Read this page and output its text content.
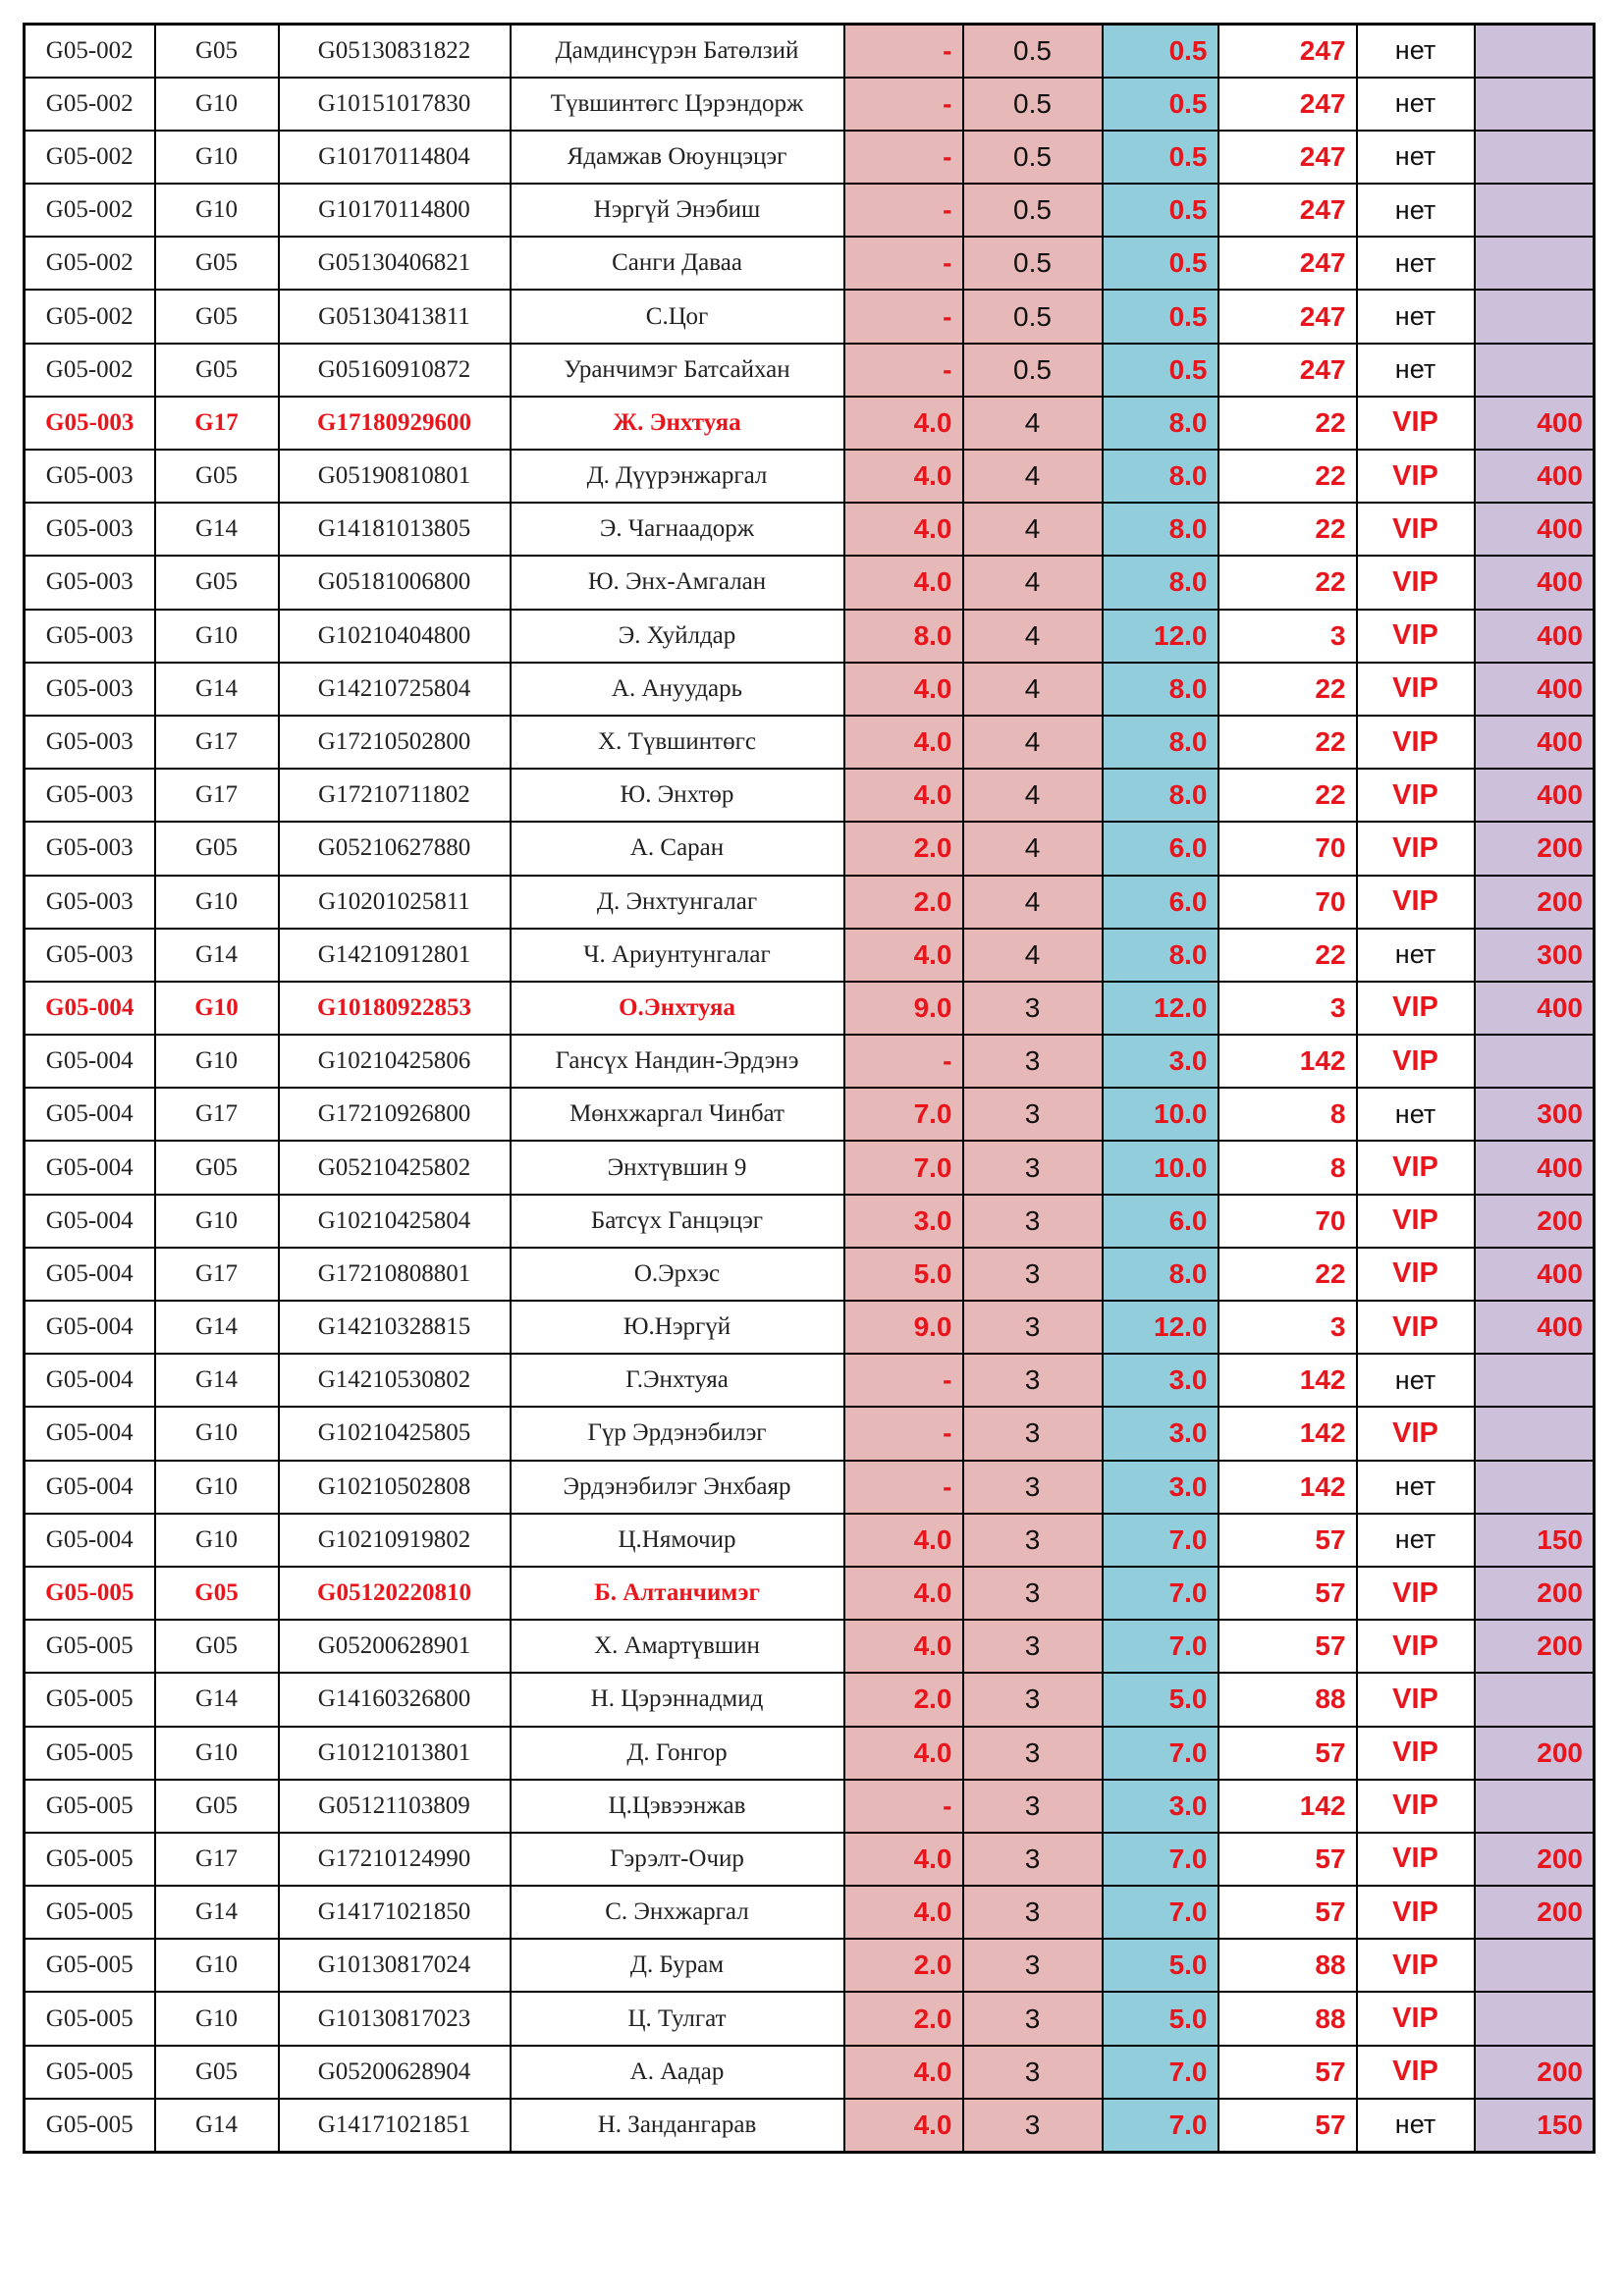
G05-002	G05	G05130831822	Дамдинсүрэн Батөлзий	-	0.5	0.5	247	нет	
G05-002	G10	G10151017830	Түвшинтөгс Цэрэндорж	-	0.5	0.5	247	нет	
G05-002	G10	G10170114804	Ядамжав Оюунцэцэг	-	0.5	0.5	247	нет	
G05-002	G10	G10170114800	Нэргүй Энэбиш	-	0.5	0.5	247	нет	
G05-002	G05	G05130406821	Санги Даваа	-	0.5	0.5	247	нет	
G05-002	G05	G05130413811	С.Цог	-	0.5	0.5	247	нет	
G05-002	G05	G05160910872	Уранчимэг Батсайхан	-	0.5	0.5	247	нет	
G05-003	G17	G17180929600	Ж. Энхтуяа	4.0	4	8.0	22	VIP	400
G05-003	G05	G05190810801	Д. Дүүрэнжаргал	4.0	4	8.0	22	VIP	400
G05-003	G14	G14181013805	Э. Чагнаадорж	4.0	4	8.0	22	VIP	400
G05-003	G05	G05181006800	Ю. Энх-Амгалан	4.0	4	8.0	22	VIP	400
G05-003	G10	G10210404800	Э. Хуйлдар	8.0	4	12.0	3	VIP	400
G05-003	G14	G14210725804	А. Ануударь	4.0	4	8.0	22	VIP	400
G05-003	G17	G17210502800	Х. Түвшинтөгс	4.0	4	8.0	22	VIP	400
G05-003	G17	G17210711802	Ю. Энхтөр	4.0	4	8.0	22	VIP	400
G05-003	G05	G05210627880	А. Саран	2.0	4	6.0	70	VIP	200
G05-003	G10	G10201025811	Д. Энхтунгалаг	2.0	4	6.0	70	VIP	200
G05-003	G14	G14210912801	Ч. Ариунтунгалаг	4.0	4	8.0	22	нет	300
G05-004	G10	G10180922853	О.Энхтуяа	9.0	3	12.0	3	VIP	400
G05-004	G10	G10210425806	Гансүх Нандин-Эрдэнэ	-	3	3.0	142	VIP	
G05-004	G17	G17210926800	Мөнхжаргал Чинбат	7.0	3	10.0	8	нет	300
G05-004	G05	G05210425802	Энхтүвшин 9	7.0	3	10.0	8	VIP	400
G05-004	G10	G10210425804	Батсүх Ганцэцэг	3.0	3	6.0	70	VIP	200
G05-004	G17	G17210808801	О.Эрхэс	5.0	3	8.0	22	VIP	400
G05-004	G14	G14210328815	Ю.Нэргүй	9.0	3	12.0	3	VIP	400
G05-004	G14	G14210530802	Г.Энхтуяа	-	3	3.0	142	нет	
G05-004	G10	G10210425805	Гүр Эрдэнэбилэг	-	3	3.0	142	VIP	
G05-004	G10	G10210502808	Эрдэнэбилэг Энхбаяр	-	3	3.0	142	нет	
G05-004	G10	G10210919802	Ц.Нямочир	4.0	3	7.0	57	нет	150
G05-005	G05	G05120220810	Б. Алтанчимэг	4.0	3	7.0	57	VIP	200
G05-005	G05	G05200628901	Х. Амартүвшин	4.0	3	7.0	57	VIP	200
G05-005	G14	G14160326800	Н. Цэрэннадмид	2.0	3	5.0	88	VIP	
G05-005	G10	G10121013801	Д. Гонгор	4.0	3	7.0	57	VIP	200
G05-005	G05	G05121103809	Ц.Цэвээнжав	-	3	3.0	142	VIP	
G05-005	G17	G17210124990	Гэрэлт-Очир	4.0	3	7.0	57	VIP	200
G05-005	G14	G14171021850	С. Энхжаргал	4.0	3	7.0	57	VIP	200
G05-005	G10	G10130817024	Д. Бурам	2.0	3	5.0	88	VIP	
G05-005	G10	G10130817023	Ц. Тулгат	2.0	3	5.0	88	VIP	
G05-005	G05	G05200628904	А. Аадар	4.0	3	7.0	57	VIP	200
G05-005	G14	G14171021851	Н. Зандангарав	4.0	3	7.0	57	нет	150
